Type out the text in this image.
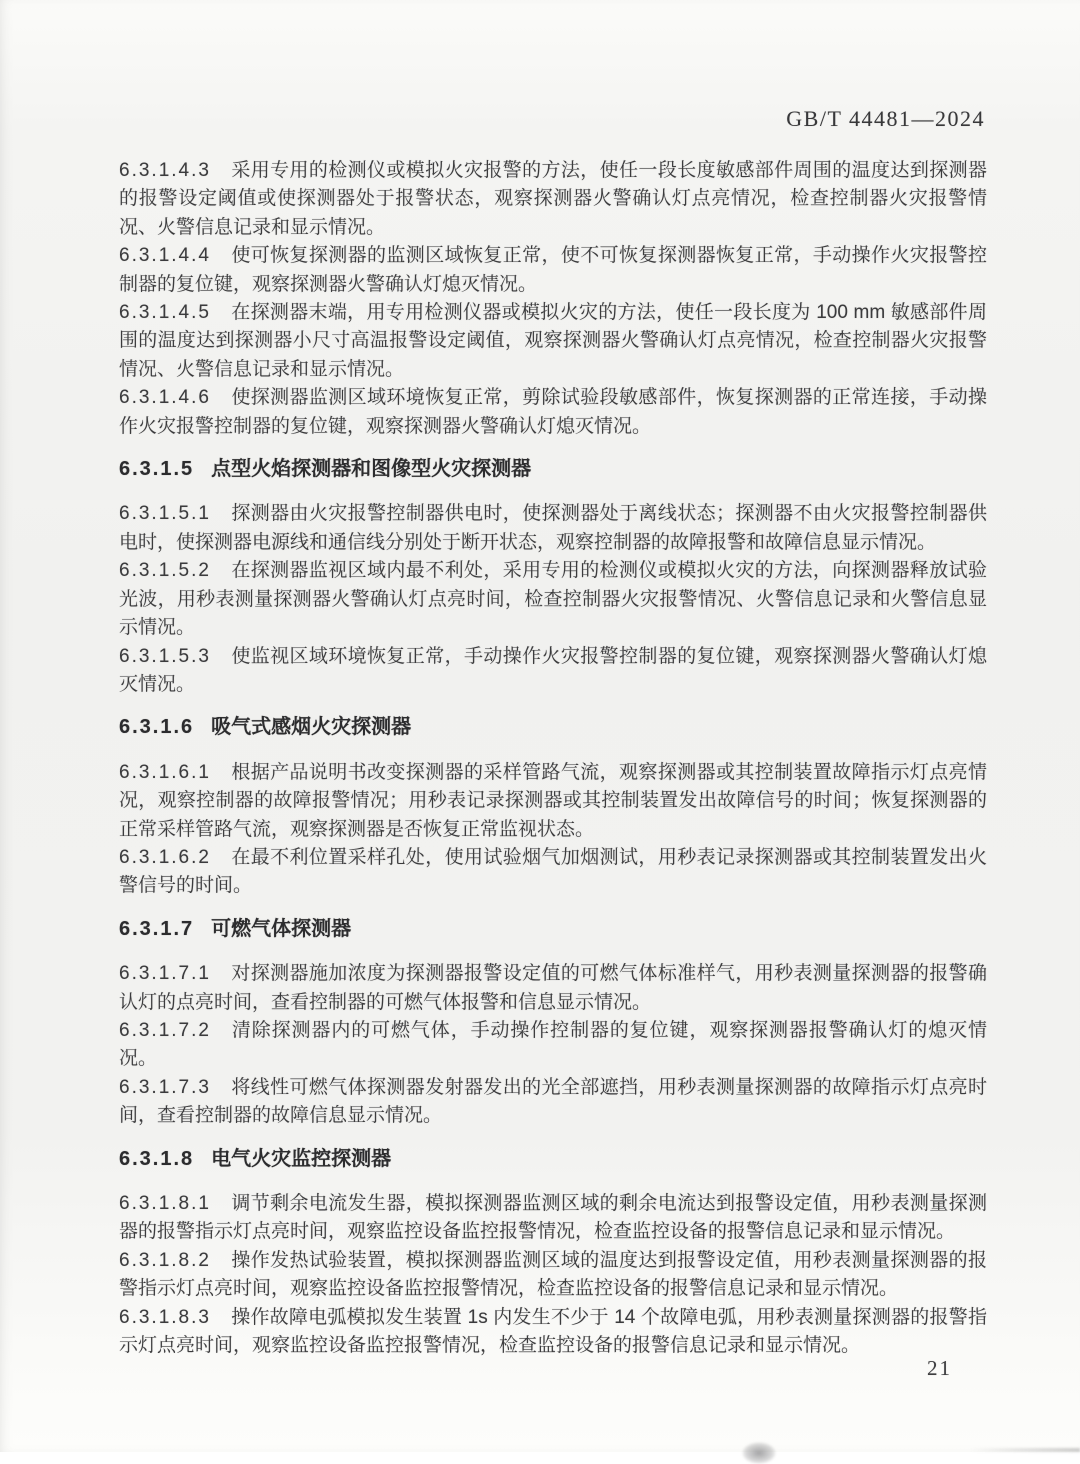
GB/T 44481—2024

6.3.1.4.3 采用专用的检测仪或模拟火灾报警的方法，使任一段长度敏感部件周围的温度达到探测器的报警设定阈值或使探测器处于报警状态，观察探测器火警确认灯点亮情况，检查控制器火灾报警情况、火警信息记录和显示情况。

6.3.1.4.4 使可恢复探测器的监测区域恢复正常，使不可恢复探测器恢复正常，手动操作火灾报警控制器的复位键，观察探测器火警确认灯熄灭情况。

6.3.1.4.5 在探测器末端，用专用检测仪器或模拟火灾的方法，使任一段长度为 100 mm 敏感部件周围的温度达到探测器小尺寸高温报警设定阈值，观察探测器火警确认灯点亮情况，检查控制器火灾报警情况、火警信息记录和显示情况。

6.3.1.4.6 使探测器监测区域环境恢复正常，剪除试验段敏感部件，恢复探测器的正常连接，手动操作火灾报警控制器的复位键，观察探测器火警确认灯熄灭情况。

6.3.1.5 点型火焰探测器和图像型火灾探测器

6.3.1.5.1 探测器由火灾报警控制器供电时，使探测器处于离线状态；探测器不由火灾报警控制器供电时，使探测器电源线和通信线分别处于断开状态，观察控制器的故障报警和故障信息显示情况。

6.3.1.5.2 在探测器监视区域内最不利处，采用专用的检测仪或模拟火灾的方法，向探测器释放试验光波，用秒表测量探测器火警确认灯点亮时间，检查控制器火灾报警情况、火警信息记录和火警信息显示情况。

6.3.1.5.3 使监视区域环境恢复正常，手动操作火灾报警控制器的复位键，观察探测器火警确认灯熄灭情况。

6.3.1.6 吸气式感烟火灾探测器

6.3.1.6.1 根据产品说明书改变探测器的采样管路气流，观察探测器或其控制装置故障指示灯点亮情况，观察控制器的故障报警情况；用秒表记录探测器或其控制装置发出故障信号的时间；恢复探测器的正常采样管路气流，观察探测器是否恢复正常监视状态。

6.3.1.6.2 在最不利位置采样孔处，使用试验烟气加烟测试，用秒表记录探测器或其控制装置发出火警信号的时间。

6.3.1.7 可燃气体探测器

6.3.1.7.1 对探测器施加浓度为探测器报警设定值的可燃气体标准样气，用秒表测量探测器的报警确认灯的点亮时间，查看控制器的可燃气体报警和信息显示情况。

6.3.1.7.2 清除探测器内的可燃气体，手动操作控制器的复位键，观察探测器报警确认灯的熄灭情况。

6.3.1.7.3 将线性可燃气体探测器发射器发出的光全部遮挡，用秒表测量探测器的故障指示灯点亮时间，查看控制器的故障信息显示情况。

6.3.1.8 电气火灾监控探测器

6.3.1.8.1 调节剩余电流发生器，模拟探测器监测区域的剩余电流达到报警设定值，用秒表测量探测器的报警指示灯点亮时间，观察监控设备监控报警情况，检查监控设备的报警信息记录和显示情况。

6.3.1.8.2 操作发热试验装置，模拟探测器监测区域的温度达到报警设定值，用秒表测量探测器的报警指示灯点亮时间，观察监控设备监控报警情况，检查监控设备的报警信息记录和显示情况。

6.3.1.8.3 操作故障电弧模拟发生装置 1s 内发生不少于 14 个故障电弧，用秒表测量探测器的报警指示灯点亮时间，观察监控设备监控报警情况，检查监控设备的报警信息记录和显示情况。

21
